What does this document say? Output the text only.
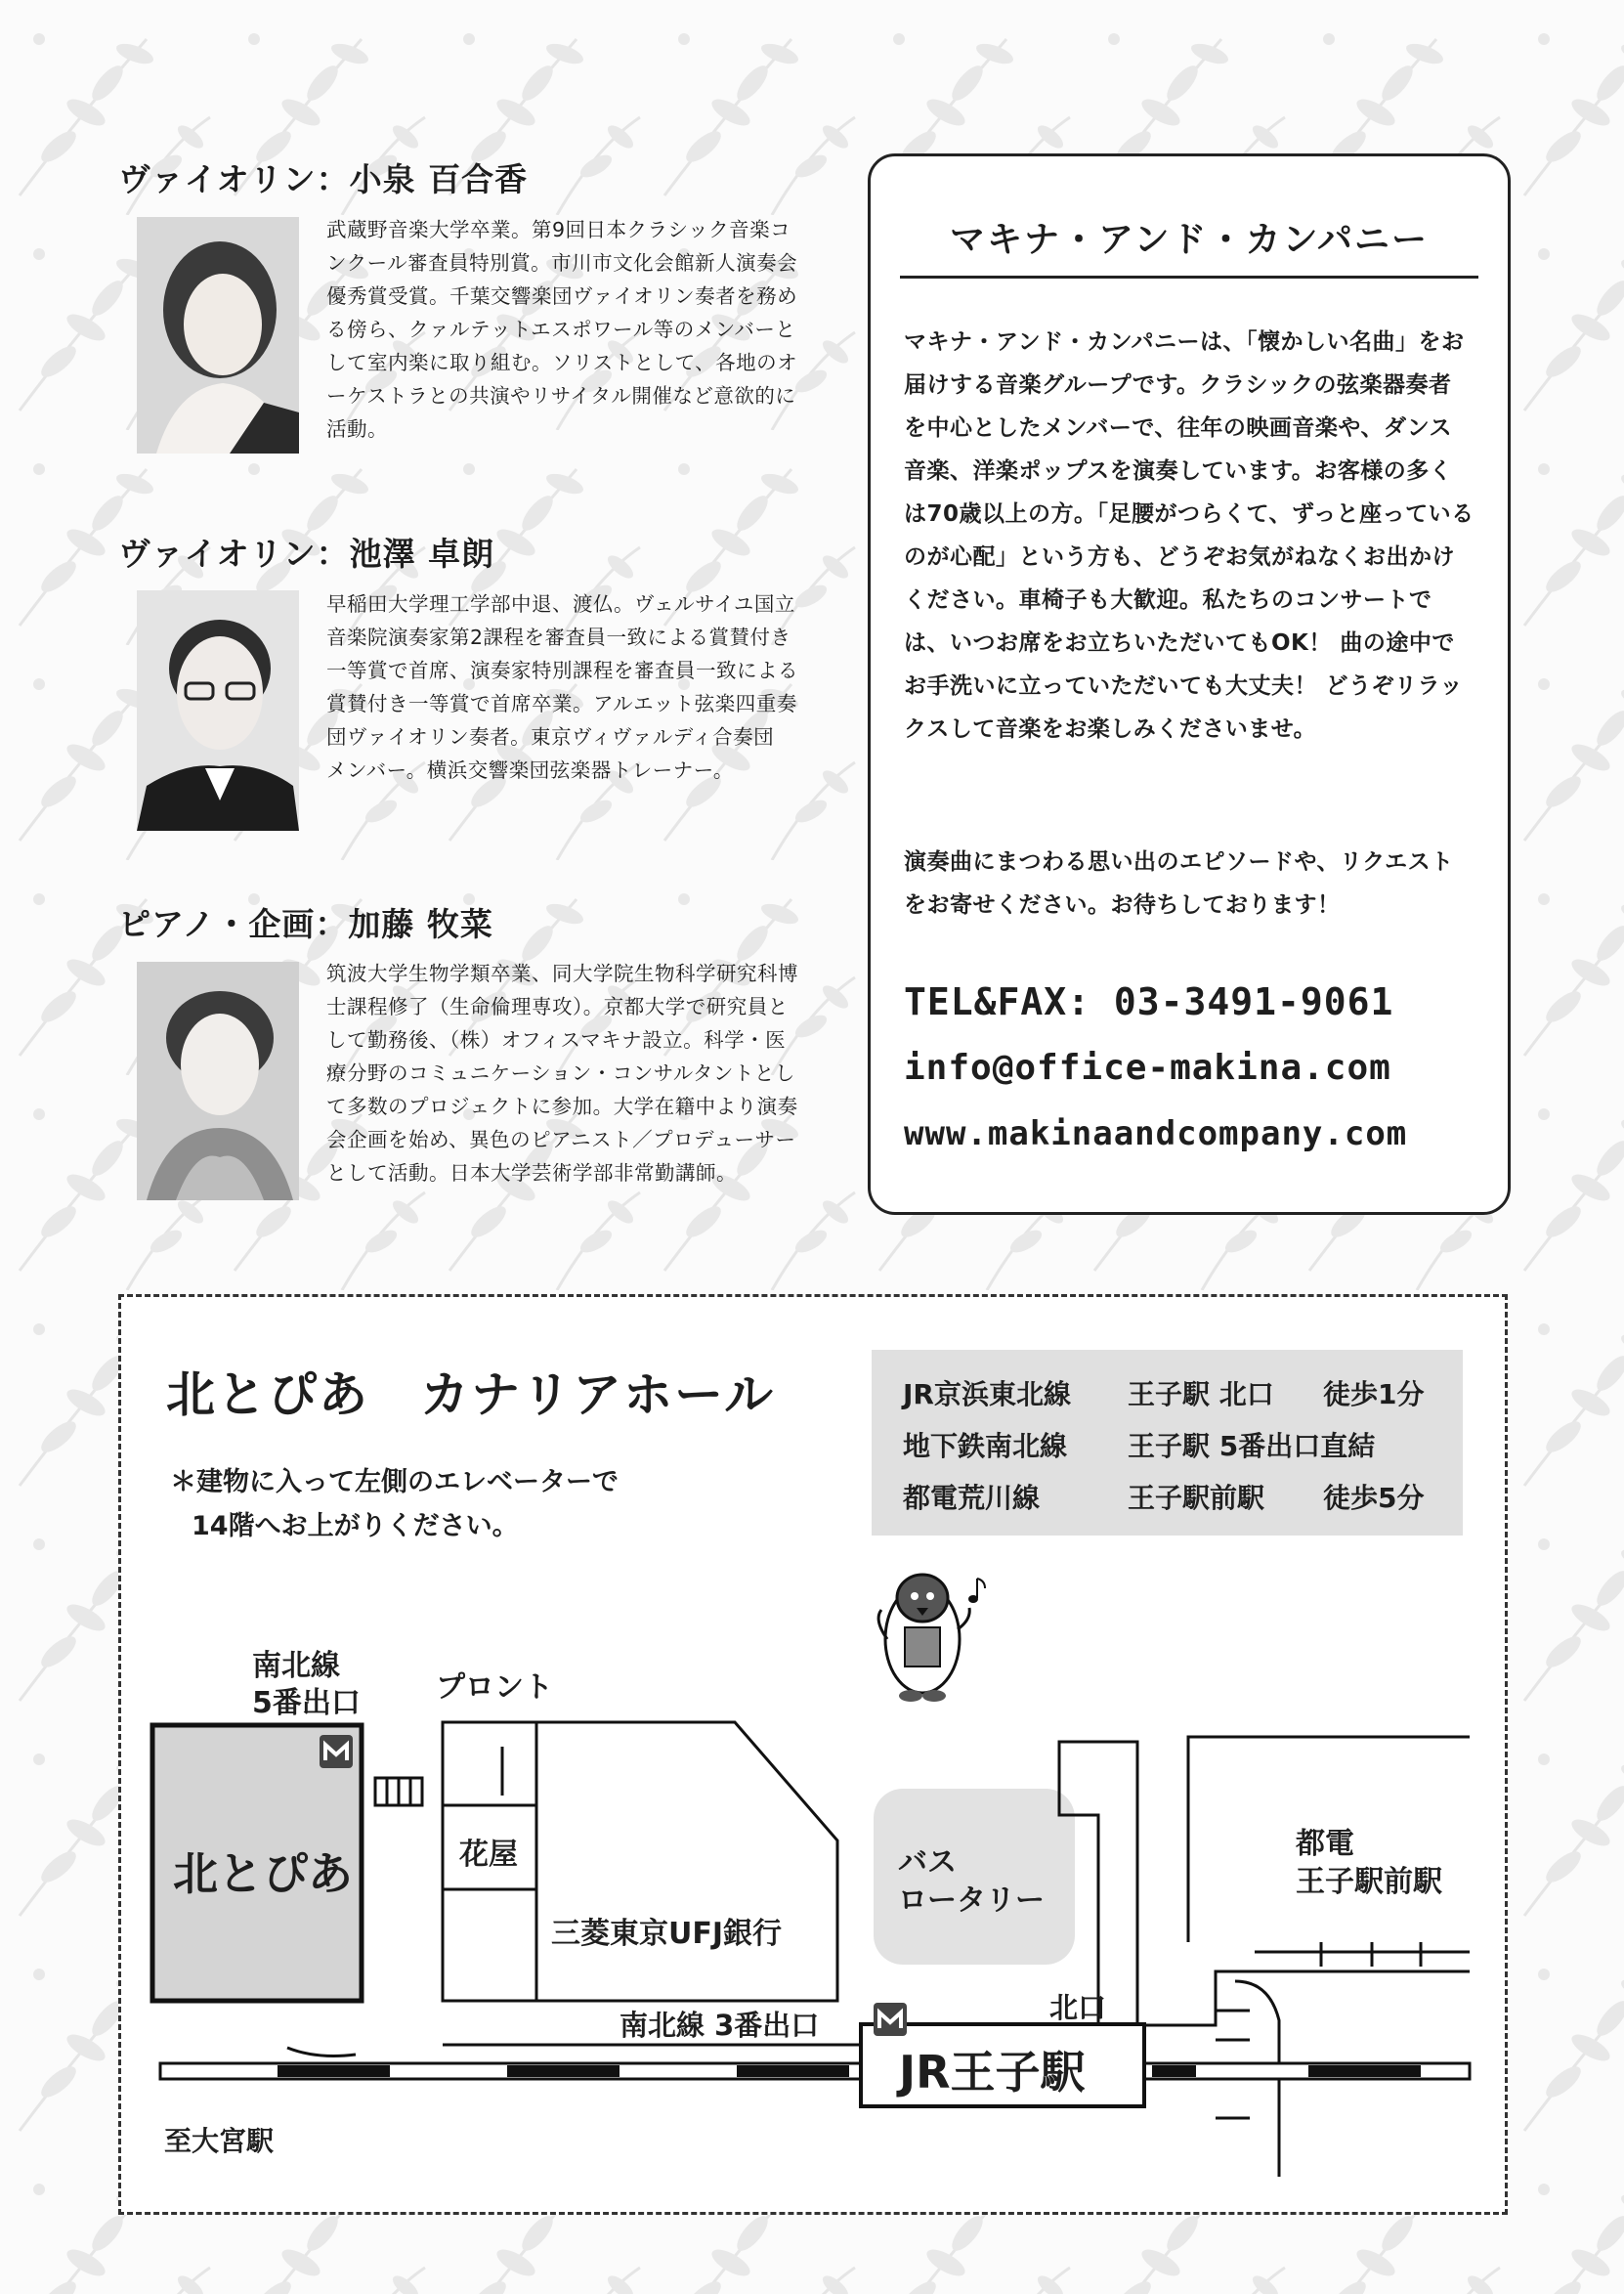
ヴァイオリン：小泉 百合香
武蔵野音楽大学卒業。第9回日本クラシック音楽コンクール審査員特別賞。市川市文化会館新人演奏会優秀賞受賞。千葉交響楽団ヴァイオリン奏者を務める傍ら、クァルテットエスポワール等のメンバーとして室内楽に取り組む。ソリストとして、各地のオーケストラとの共演やリサイタル開催など意欲的に活動。
ヴァイオリン：池澤 卓朗
早稲田大学理工学部中退、渡仏。ヴェルサイユ国立音楽院演奏家第2課程を審査員一致による賞賛付き一等賞で首席、演奏家特別課程を審査員一致による賞賛付き一等賞で首席卒業。アルエット弦楽四重奏団ヴァイオリン奏者。東京ヴィヴァルディ合奏団 メンバー。横浜交響楽団弦楽器トレーナー。
ピアノ・企画：加藤 牧菜
筑波大学生物学類卒業、同大学院生物科学研究科博士課程修了（生命倫理専攻）。京都大学で研究員として勤務後、（株）オフィスマキナ設立。科学・医療分野のコミュニケーション・コンサルタントとして多数のプロジェクトに参加。大学在籍中より演奏会企画を始め、異色のピアニスト／プロデューサーとして活動。日本大学芸術学部非常勤講師。
マキナ・アンド・カンパニー
マキナ・アンド・カンパニーは、「懐かしい名曲」をお届けする音楽グループです。クラシックの弦楽器奏者を中心としたメンバーで、往年の映画音楽や、ダンス音楽、洋楽ポップスを演奏しています。お客様の多くは70歳以上の方。「足腰がつらくて、ずっと座っているのが心配」という方も、どうぞお気がねなくお出かけください。車椅子も大歓迎。私たちのコンサートでは、いつお席をお立ちいただいてもOK！ 曲の途中でお手洗いに立っていただいても大丈夫！ どうぞリラックスして音楽をお楽しみくださいませ。
演奏曲にまつわる思い出のエピソードや、リクエストをお寄せください。お待ちしております！
TEL&FAX: 03-3491-9061
info@office-makina.com
www.makinaandcompany.com
北とぴあ　カナリアホール
＊建物に入って左側のエレベーターで
14階へお上がりください。
JR京浜東北線 王子駅 北口 徒歩1分
地下鉄南北線 王子駅 5番出口直結
都電荒川線	王子駅前駅 徒歩5分
南北線
5番出口	プロント
北とぴあ	花屋
三菱東京UFJ銀行
バス
ロータリー
都電
王子駅前駅
南北線 3番出口
北口
JR王子駅
至大宮駅
